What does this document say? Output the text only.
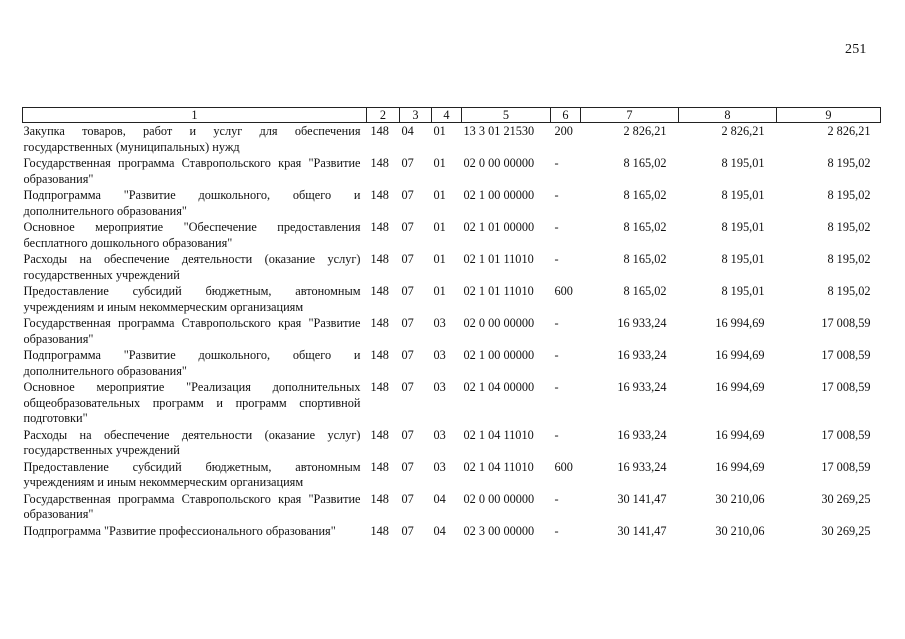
251
1	2	3	4	5	6	7	8	9
Закупка товаров, работ и услуг для обеспечения государственных (муниципальных) нужд	148	04	01	13 3 01 21530	200	2 826,21	2 826,21	2 826,21
Государственная программа Ставропольского края "Развитие образования"	148	07	01	02 0 00 00000	-	8 165,02	8 195,01	8 195,02
Подпрограмма "Развитие дошкольного, общего и дополнительного образования"	148	07	01	02 1 00 00000	-	8 165,02	8 195,01	8 195,02
Основное мероприятие "Обеспечение предоставления бесплатного дошкольного образования"	148	07	01	02 1 01 00000	-	8 165,02	8 195,01	8 195,02
Расходы на обеспечение деятельности (оказание услуг) государственных учреждений	148	07	01	02 1 01 11010	-	8 165,02	8 195,01	8 195,02
Предоставление субсидий бюджетным, автономным учреждениям и иным некоммерческим организациям	148	07	01	02 1 01 11010	600	8 165,02	8 195,01	8 195,02
Государственная программа Ставропольского края "Развитие образования"	148	07	03	02 0 00 00000	-	16 933,24	16 994,69	17 008,59
Подпрограмма "Развитие дошкольного, общего и дополнительного образования"	148	07	03	02 1 00 00000	-	16 933,24	16 994,69	17 008,59
Основное мероприятие "Реализация дополнительных общеобразовательных программ и программ спортивной подготовки"	148	07	03	02 1 04 00000	-	16 933,24	16 994,69	17 008,59
Расходы на обеспечение деятельности (оказание услуг) государственных учреждений	148	07	03	02 1 04 11010	-	16 933,24	16 994,69	17 008,59
Предоставление субсидий бюджетным, автономным учреждениям и иным некоммерческим организациям	148	07	03	02 1 04 11010	600	16 933,24	16 994,69	17 008,59
Государственная программа Ставропольского края "Развитие образования"	148	07	04	02 0 00 00000	-	30 141,47	30 210,06	30 269,25
Подпрограмма "Развитие профессионального образования"	148	07	04	02 3 00 00000	-	30 141,47	30 210,06	30 269,25
